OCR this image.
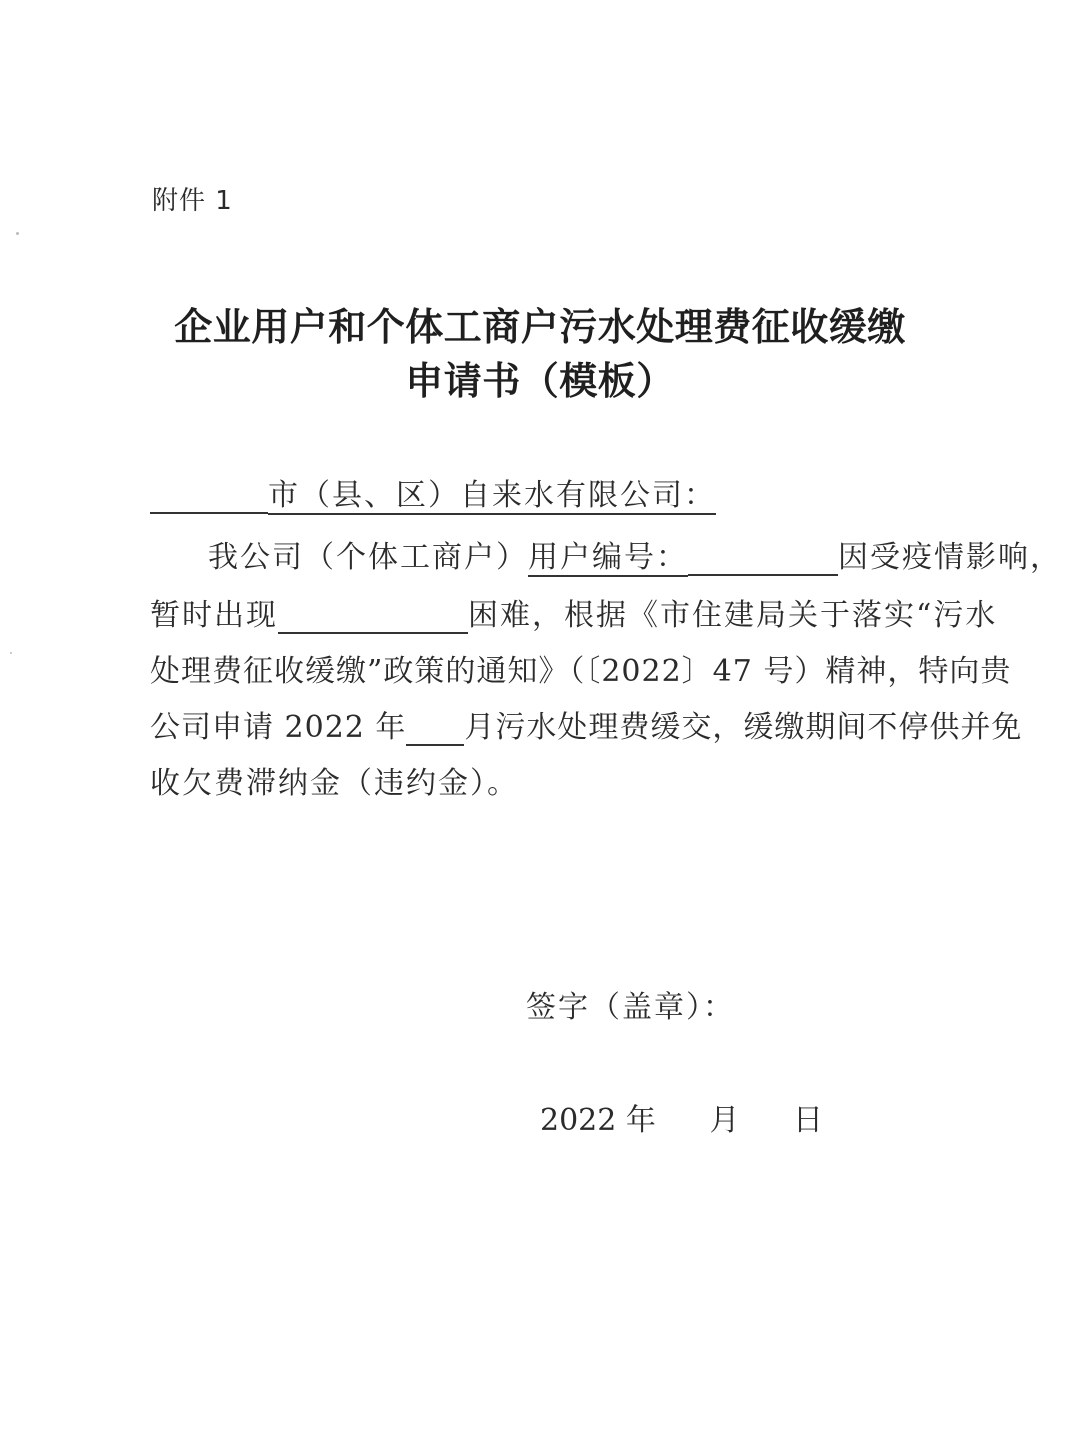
附件 1
企业用户和个体工商户污水处理费征收缓缴
申请书（模板）
市（县、区）自来水有限公司：
我公司（个体工商户）用户编号：	因受疫情影响，
暂时出现	困难，根据《市住建局关于落实“污水
处理费征收缓缴”政策的通知》（〔2022〕47 号）精神，特向贵
公司申请 2022 年 月污水处理费缓交，缓缴期间不停供并免
收欠费滞纳金（违约金）。
签字（盖章）：
2022 年 月 日
